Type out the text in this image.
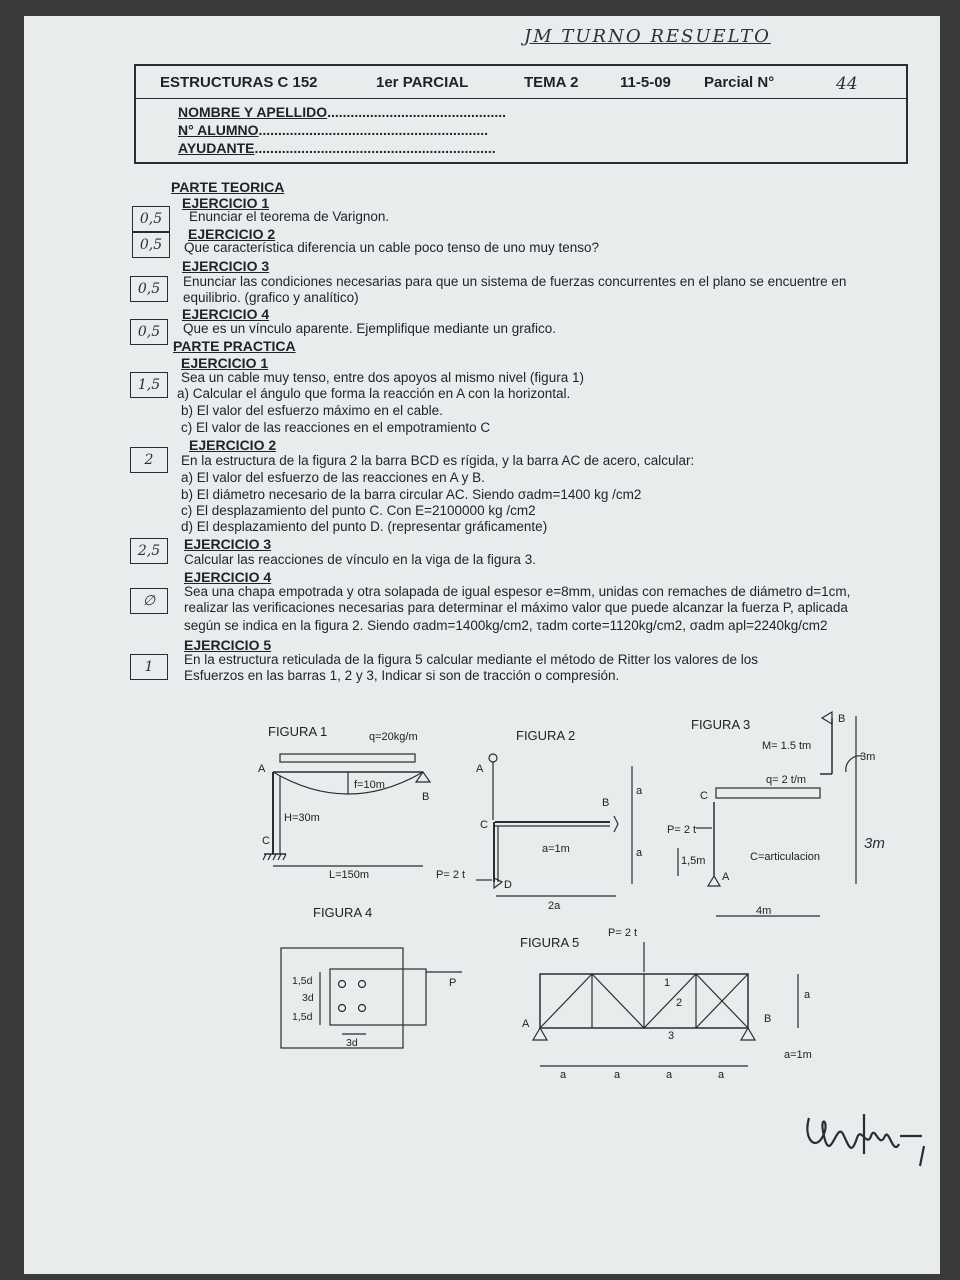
JM TURNO RESUELTO
ESTRUCTURAS C 152	1er PARCIAL	TEMA 2	11-5-09 Parcial N°	44
NOMBRE Y APELLIDO..............................................
N° ALUMNO...........................................................
AYUDANTE..............................................................
PARTE TEORICA
EJERCICIO 1
0,5	Enunciar el teorema de Varignon.
EJERCICIO 2
0,5	Que característica diferencia un cable poco tenso de uno muy tenso?
EJERCICIO 3
0,5	Enunciar las condiciones necesarias para que un sistema de fuerzas concurrentes en el plano se encuentre en
equilibrio. (grafico y analítico)
EJERCICIO 4
0,5	Que es un vínculo aparente. Ejemplifique mediante un grafico.
PARTE PRACTICA
EJERCICIO 1
1,5	Sea un cable muy tenso, entre dos apoyos al mismo nivel (figura 1)
a) Calcular el ángulo que forma la reacción en A con la horizontal.
b) El valor del esfuerzo máximo en el cable.
c) El valor de las reacciones en el empotramiento C
EJERCICIO 2
2	En la estructura de la figura 2 la barra BCD es rígida, y la barra AC de acero, calcular:
a) El valor del esfuerzo de las reacciones en A y B.
b) El diámetro necesario de la barra circular AC. Siendo σadm=1400 kg /cm2
c) El desplazamiento del punto C. Con E=2100000 kg /cm2
d) El desplazamiento del punto D. (representar gráficamente)
EJERCICIO 3
2,5
Calcular las reacciones de vínculo en la viga de la figura 3.
EJERCICIO 4
∅
Sea una chapa empotrada y otra solapada de igual espesor e=8mm, unidas con remaches de diámetro d=1cm,
realizar las verificaciones necesarias para determinar el máximo valor que puede alcanzar la fuerza P, aplicada
según se indica en la figura 2. Siendo σadm=1400kg/cm2, τadm corte=1120kg/cm2, σadm apl=2240kg/cm2
EJERCICIO 5
1	En la estructura reticulada de la figura 5 calcular mediante el método de Ritter los valores de los
Esfuerzos en las barras 1, 2 y 3, Indicar si son de tracción o compresión.
FIGURA 1	q=20kg/m
A
B
f=10m
H=30m
C
L=150m
FIGURA 2
A
C
B
D
P= 2 t
a=1m
a
a
2a
FIGURA 3	B
M= 1.5 tm
q= 2 t/m
C
A
P= 2 t
1,5m	C=articulacion
3m
3m
4m
FIGURA 4
P
1,5d
3d
1,5d
3d
FIGURA 5
P= 2 t
1
2
3
A	B
a
a=1m
a	a	a	a
firma
